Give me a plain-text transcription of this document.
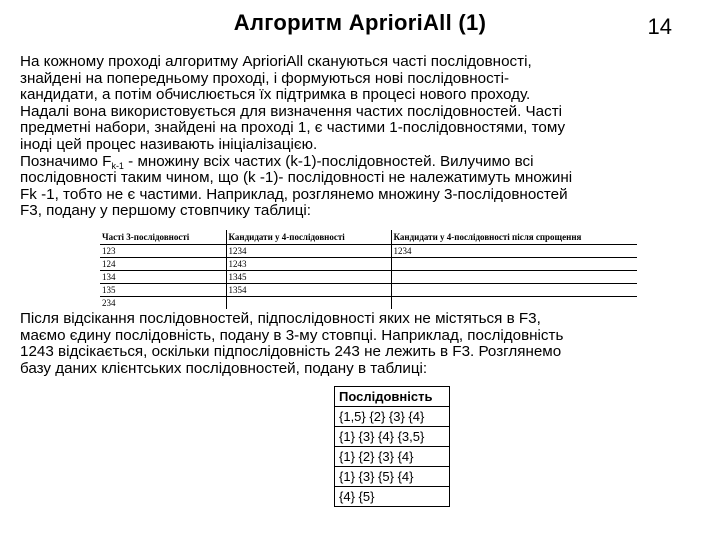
Алгоритм AprioriAll (1)	14
На кожному проході алгоритму AprioriAll скануються часті послідовності,
знайдені на попередньому проході, і формуються нові послідовності-
кандидати, а потім обчислюється їх підтримка в процесі нового проходу.
Надалі вона використовується для визначення частих послідовностей. Часті
предметні набори, знайдені на проході 1, є частими 1-послідовностями, тому
іноді цей процес називають ініціалізацією.
Позначимо $F_{k-1}$ - множину всіх частих (k-1)-послідовностей. Вилучимо всі
послідовності таким чином, що (k -1)- послідовності не належатимуть множині
Fk -1, тобто не є частими. Наприклад, розглянемо множину 3-послідовностей
F3, подану у першому стовпчику таблиці:
Часті 3-послідовності	Кандидати у 4-послідовності	Кандидати у 4-послідовності після спрощення
123	1234	1234
124	1243	
134	1345	
135	1354	
234		
Після відсікання послідовностей, підпослідовності яких не містяться в F3,
маємо єдину послідовність, подану в 3-му стовпці. Наприклад, послідовність
1243 відсікається, оскільки підпослідовність 243 не лежить в F3. Розглянемо
базу даних клієнтських послідовностей, подану в таблиці:
Послідовність
{1,5} {2} {3} {4}
{1} {3} {4} {3,5}
{1} {2} {3} {4}
{1} {3} {5} {4}
{4} {5}
